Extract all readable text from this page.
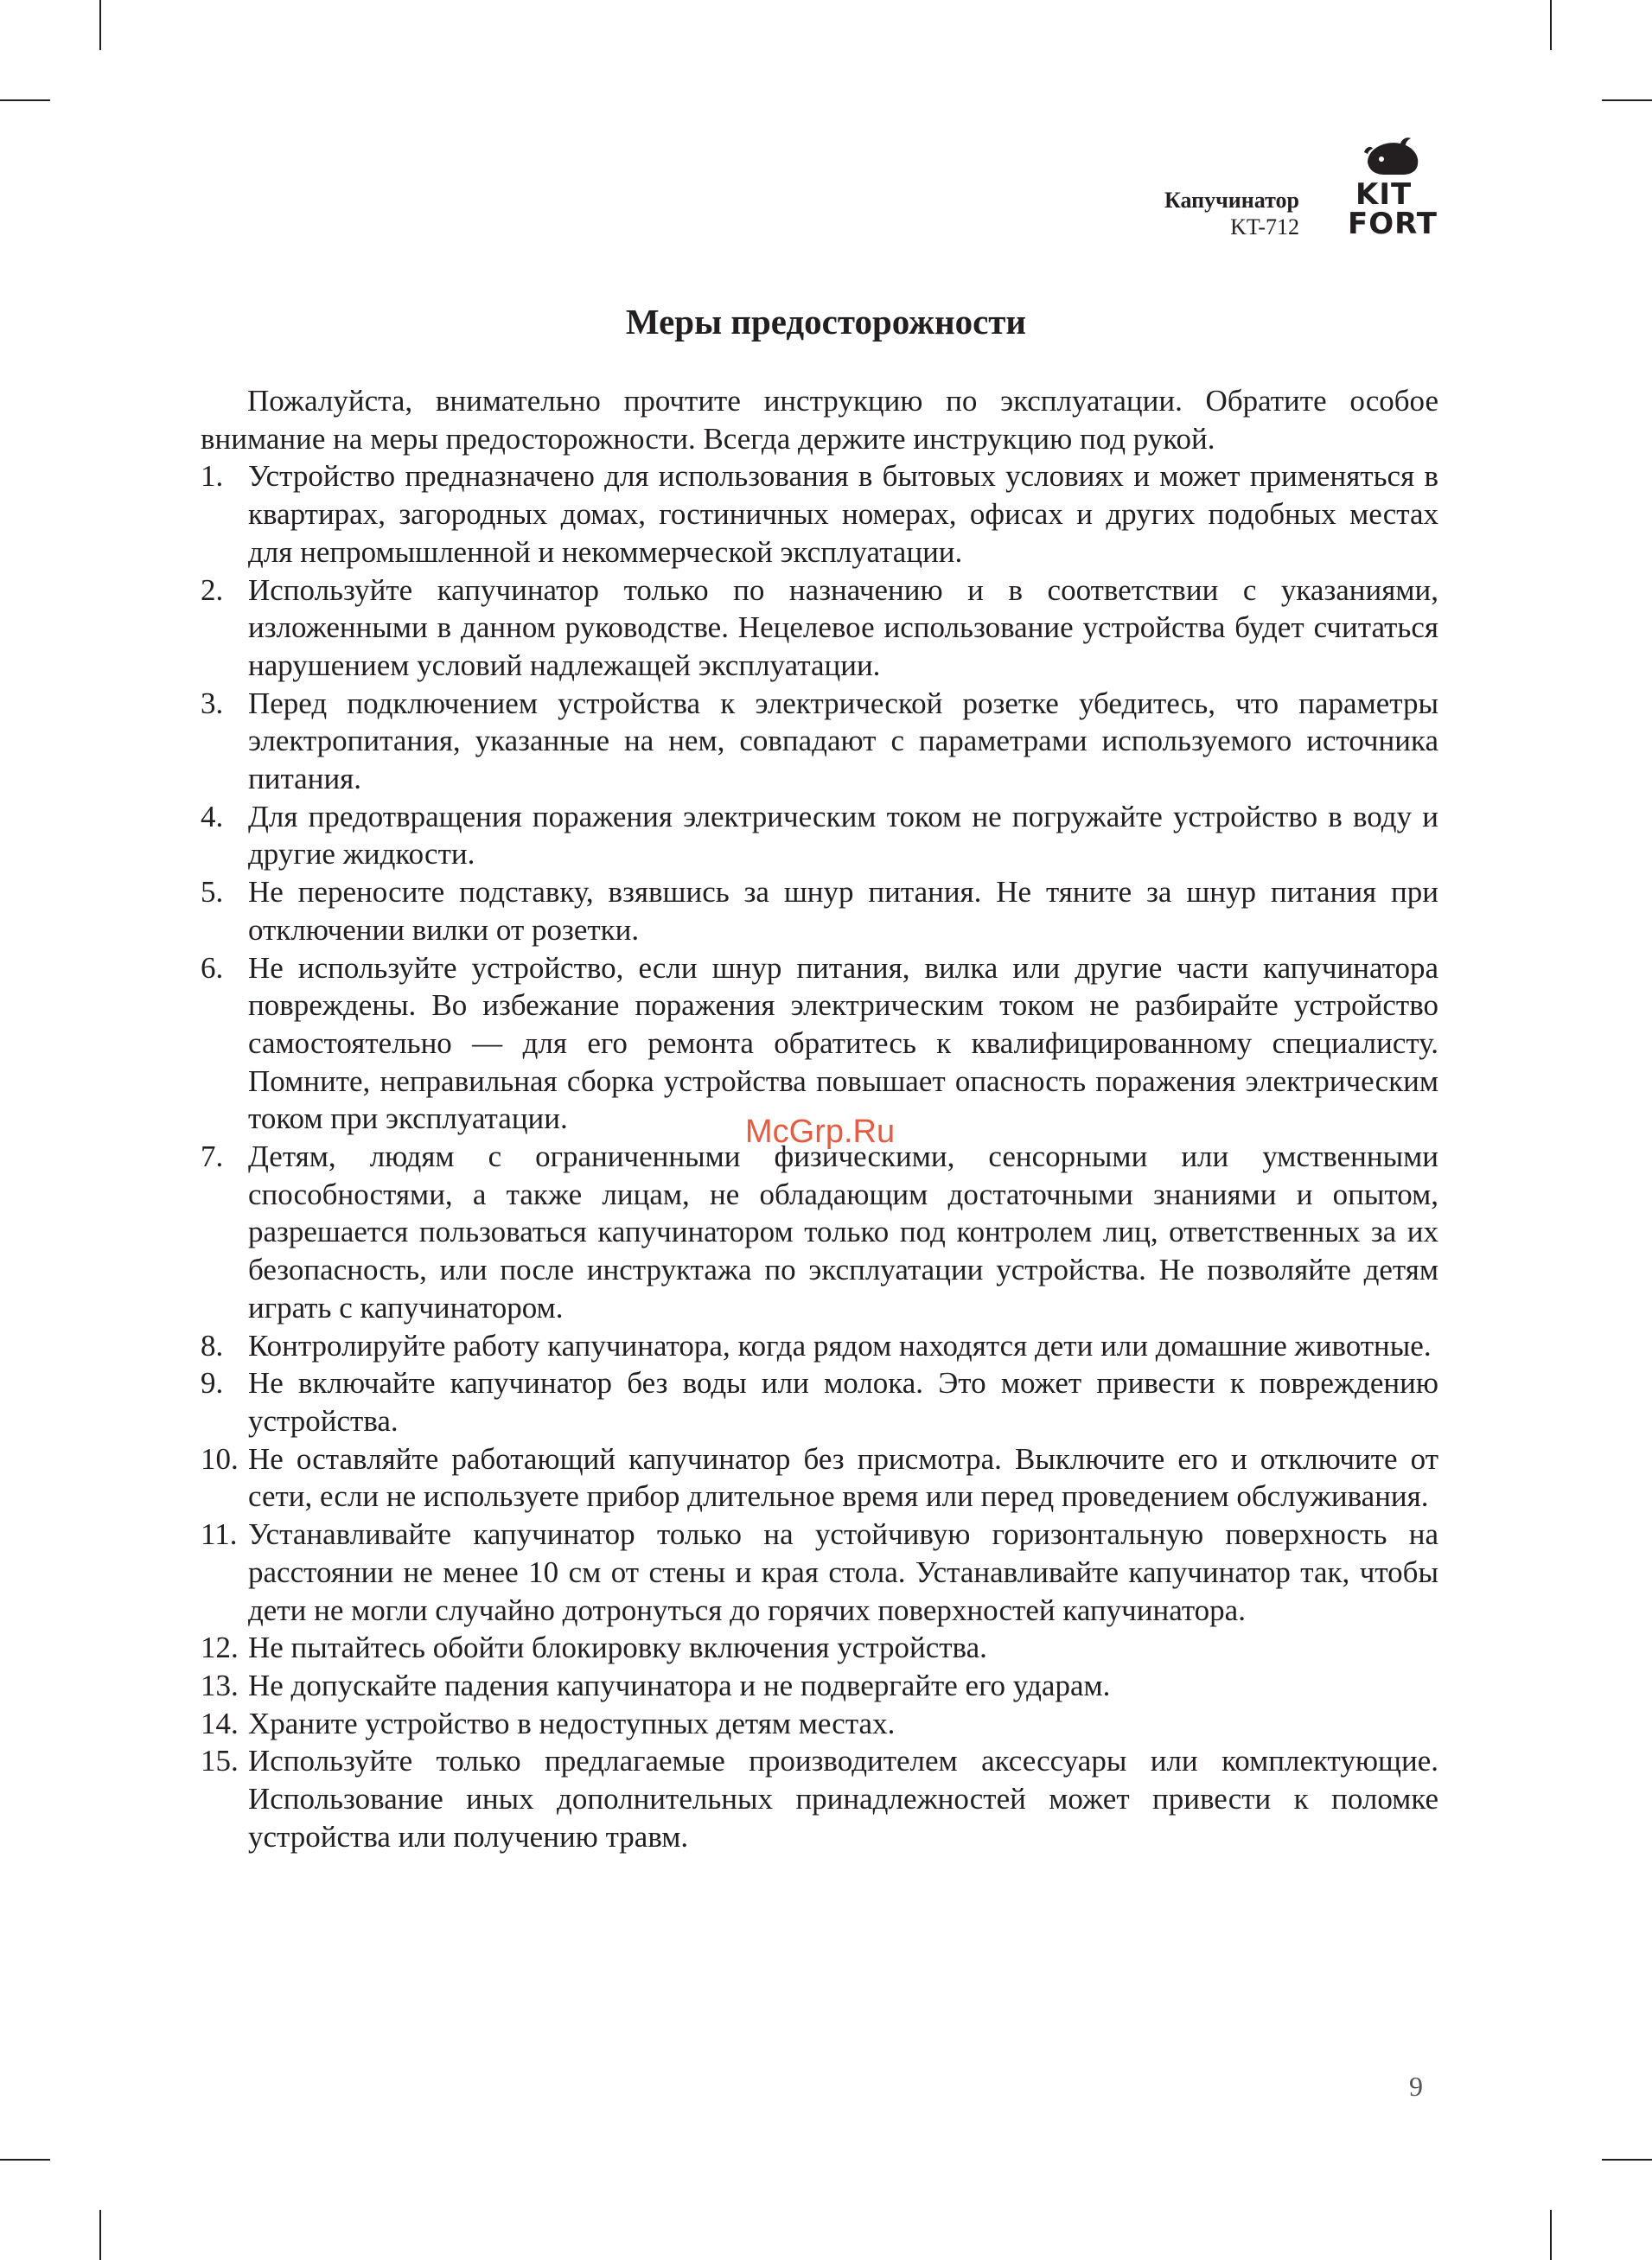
Капучинатор
KT-712
KIT
FORT
Меры предосторожности

Пожалуйста, внимательно прочтите инструкцию по эксплуатации. Обратите особое внимание на меры предосторожности. Всегда держите инструкцию под рукой.

1. Устройство предназначено для использования в бытовых условиях и может применяться в квартирах, загородных домах, гостиничных номерах, офисах и других подобных местах для непромышленной и некоммерческой эксплуатации.
2. Используйте капучинатор только по назначению и в соответствии с указаниями, изложенными в данном руководстве. Нецелевое использование устройства будет считаться нарушением условий надлежащей эксплуатации.
3. Перед подключением устройства к электрической розетке убедитесь, что параметры электропитания, указанные на нем, совпадают с параметрами используемого источника питания.
4. Для предотвращения поражения электрическим током не погружайте устройство в воду и другие жидкости.
5. Не переносите подставку, взявшись за шнур питания. Не тяните за шнур питания при отключении вилки от розетки.
6. Не используйте устройство, если шнур питания, вилка или другие части капучинатора повреждены. Во избежание поражения электрическим током не разбирайте устройство самостоятельно — для его ремонта обратитесь к квалифицированному специалисту. Помните, неправильная сборка устройства повышает опасность поражения электрическим током при эксплуатации.
7. Детям, людям с ограниченными физическими, сенсорными или умственными способностями, а также лицам, не обладающим достаточными знаниями и опытом, разрешается пользоваться капучинатором только под контролем лиц, ответственных за их безопасность, или после инструктажа по эксплуатации устройства. Не позволяйте детям играть с капучинатором.
8. Контролируйте работу капучинатора, когда рядом находятся дети или домашние животные.
9. Не включайте капучинатор без воды или молока. Это может привести к повреждению устройства.
10. Не оставляйте работающий капучинатор без присмотра. Выключите его и отключите от сети, если не используете прибор длительное время или перед проведением обслуживания.
11. Устанавливайте капучинатор только на устойчивую горизонтальную поверхность на расстоянии не менее 10 см от стены и края стола. Устанавливайте капучинатор так, чтобы дети не могли случайно дотронуться до горячих поверхностей капучинатора.
12. Не пытайтесь обойти блокировку включения устройства.
13. Не допускайте падения капучинатора и не подвергайте его ударам.
14. Храните устройство в недоступных детям местах.
15. Используйте только предлагаемые производителем аксессуары или комплектующие. Использование иных дополнительных принадлежностей может привести к поломке устройства или получению травм.
McGrp.Ru
9
